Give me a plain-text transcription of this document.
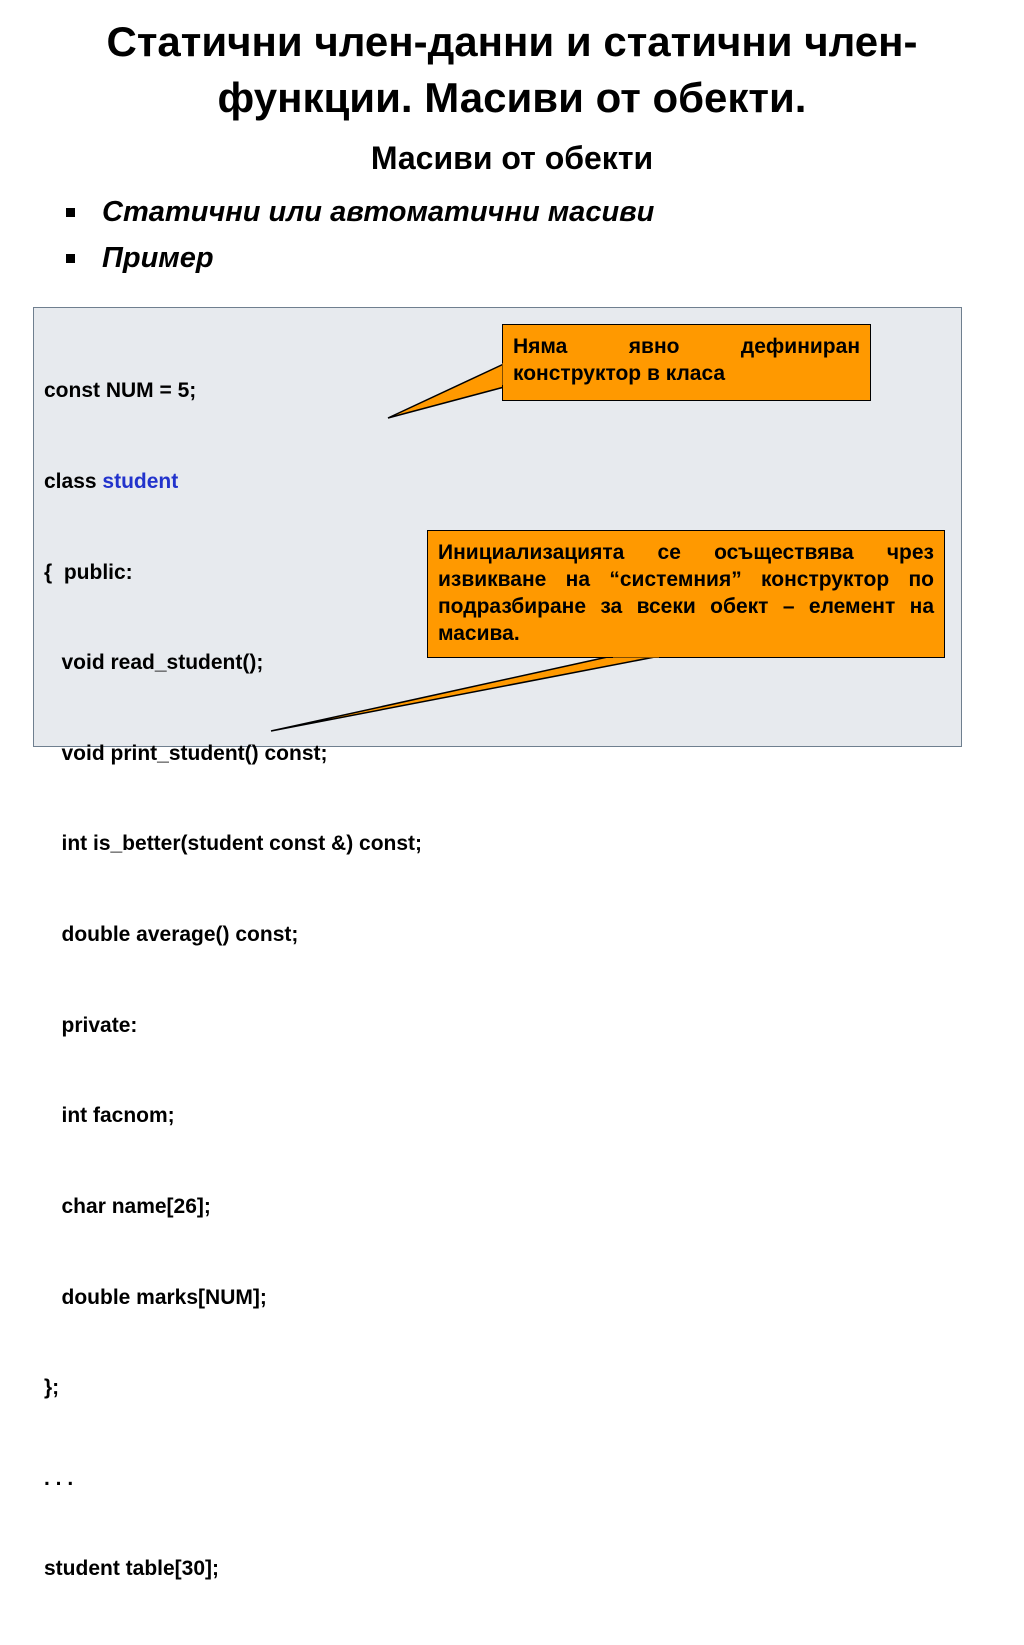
Статични член-данни и статични член-
функции. Масиви от обекти.
Масиви от обекти
Статични или автоматични масиви
Пример

const NUM = 5;

class student

{  public:

void read_student();

void print_student() const;

int is_better(student const &) const;

double average() const;

private:

int facnom;

char name[26];

double marks[NUM];

};

. . .

student table[30];

Няма явно дефиниран конструктор в класа
Инициализацията се осъществява чрез извикване на “системния” конструктор по подразбиране за всеки обект – елемент на масива.
